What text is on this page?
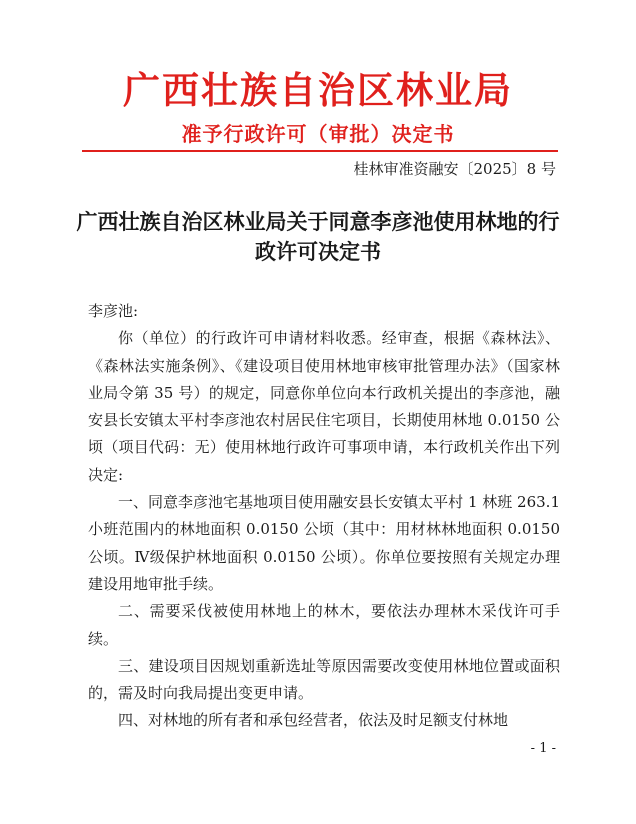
广西壮族自治区林业局
准予行政许可（审批）决定书
桂林审准资融安〔2025〕8 号
广西壮族自治区林业局关于同意李彦池使用林地的行政许可决定书

李彦池:

你（单位）的行政许可申请材料收悉。经审查，根据《森林法》、《森林法实施条例》、《建设项目使用林地审核审批管理办法》（国家林业局令第 35 号）的规定，同意你单位向本行政机关提出的李彦池，融安县长安镇太平村李彦池农村居民住宅项目，长期使用林地 0.0150 公顷（项目代码：无）使用林地行政许可事项申请，本行政机关作出下列决定:

一、同意李彦池宅基地项目使用融安县长安镇太平村 1 林班 263.1 小班范围内的林地面积 0.0150 公顷（其中：用材林林地面积 0.0150 公顷。Ⅳ级保护林地面积 0.0150 公顷）。你单位要按照有关规定办理建设用地审批手续。

二、需要采伐被使用林地上的林木，要依法办理林木采伐许可手续。

三、建设项目因规划重新选址等原因需要改变使用林地位置或面积的，需及时向我局提出变更申请。

四、对林地的所有者和承包经营者，依法及时足额支付林地

- 1 -
